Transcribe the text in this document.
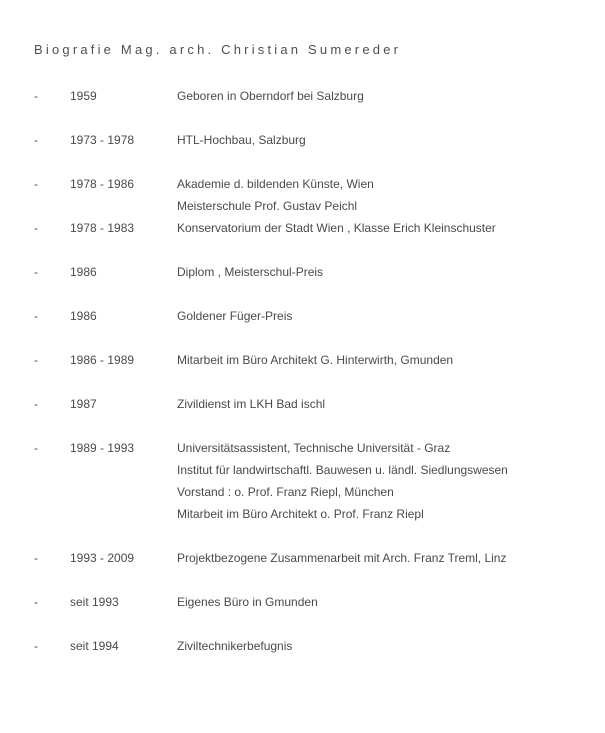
Biografie Mag. arch. Christian Sumereder
-	1959	Geboren in Oberndorf bei Salzburg
-	1973 - 1978	HTL-Hochbau, Salzburg
-	1978 - 1986	Akademie d. bildenden Künste, Wien
Meisterschule Prof. Gustav Peichl
-	1978 - 1983	Konservatorium der Stadt Wien , Klasse Erich Kleinschuster
-	1986	Diplom , Meisterschul-Preis
-	1986	Goldener Füger-Preis
-	1986 - 1989	Mitarbeit im Büro Architekt G. Hinterwirth, Gmunden
-	1987	Zivildienst im LKH Bad ischl
-	1989 - 1993	Universitätsassistent, Technische Universität - Graz
Institut für landwirtschaftl. Bauwesen u. ländl. Siedlungswesen
Vorstand : o. Prof. Franz Riepl, München
Mitarbeit im Büro Architekt o. Prof. Franz Riepl
-	1993 - 2009	Projektbezogene Zusammenarbeit mit Arch. Franz Treml, Linz
-	seit 1993	Eigenes Büro in Gmunden
-	seit 1994	Ziviltechnikerbefugnis
